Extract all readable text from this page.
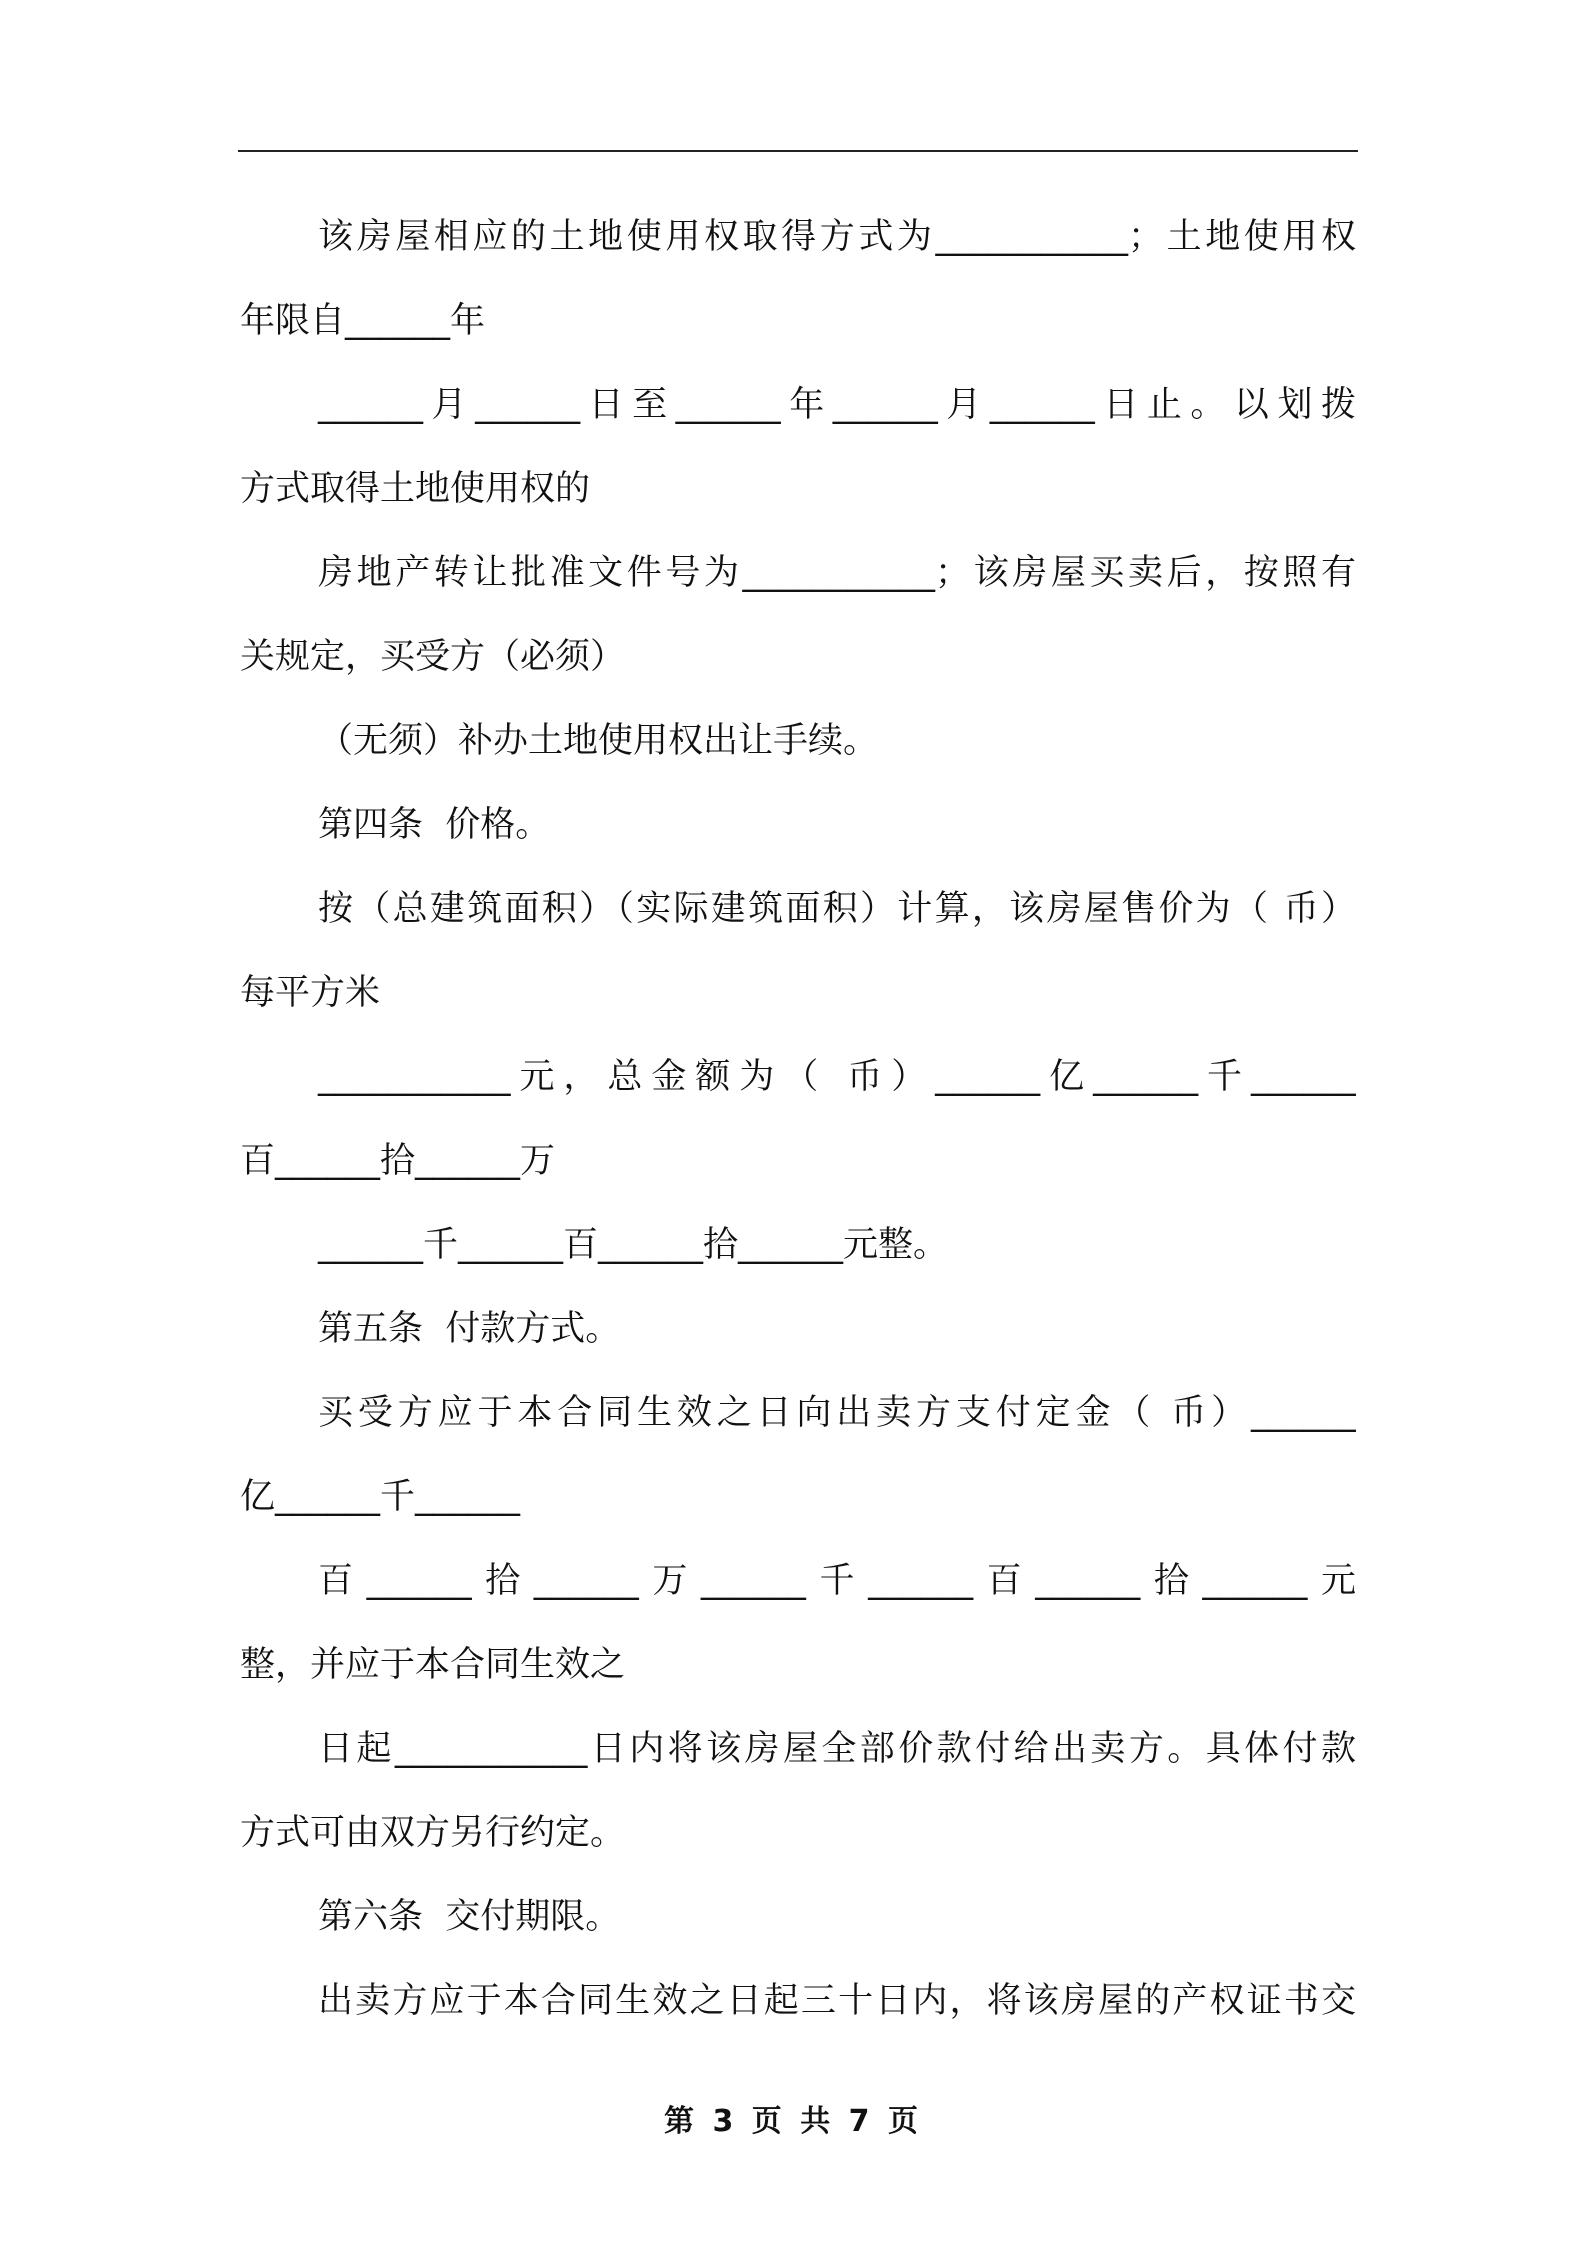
该房屋相应的土地使用权取得方式为___________；土地使用权

年限自______年

______月______日至______年______月______日止。以划拨

方式取得土地使用权的

房地产转让批准文件号为___________；该房屋买卖后，按照有

关规定，买受方（必须）

（无须）补办土地使用权出让手续。

第四条  价格。

按（总建筑面积）（实际建筑面积）计算，该房屋售价为（ 币）

每平方米

___________元，总金额为（ 币）______亿______千______

百______拾______万

______千______百______拾______元整。

第五条  付款方式。

买受方应于本合同生效之日向出卖方支付定金（ 币）______

亿______千______

百______拾______万______千______百______拾______元

整，并应于本合同生效之

日起___________日内将该房屋全部价款付给出卖方。具体付款

方式可由双方另行约定。

第六条  交付期限。

出卖方应于本合同生效之日起三十日内，将该房屋的产权证书交

第 3 页 共 7 页
